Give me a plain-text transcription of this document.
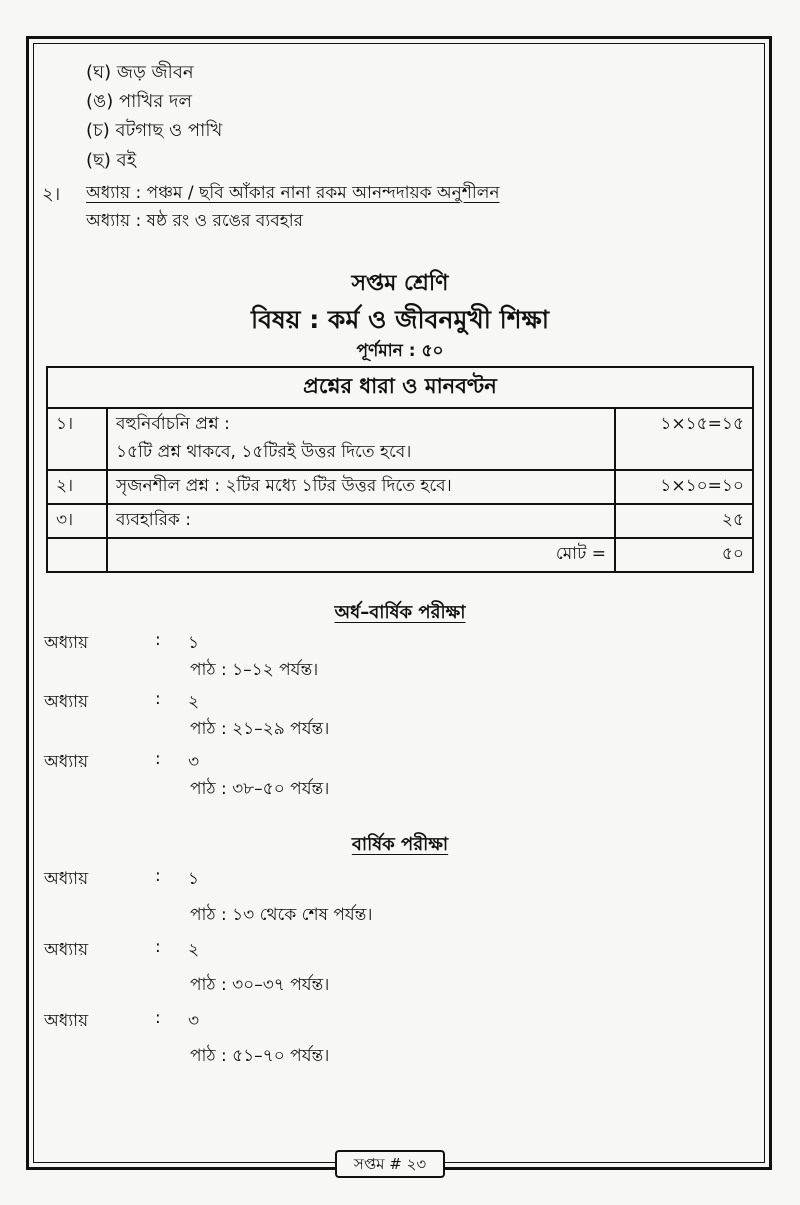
(ঘ) জড় জীবন
(ঙ) পাখির দল
(চ) বটগাছ ও পাখি
(ছ) বই
২। অধ্যায় : পঞ্চম / ছবি আঁকার নানা রকম আনন্দদায়ক অনুশীলন
অধ্যায় : ষষ্ঠ রং ও রঙের ব্যবহার
সপ্তম শ্রেণি
বিষয় : কর্ম ও জীবনমুখী শিক্ষা
পূর্ণমান : ৫০
প্রশ্নের ধারা ও মানবণ্টন		
১।	বহুনির্বাচনি প্রশ্ন :
১৫টি প্রশ্ন থাকবে, ১৫টিরই উত্তর দিতে হবে।	১×১৫=১৫
২।	সৃজনশীল প্রশ্ন : ২টির মধ্যে ১টির উত্তর দিতে হবে।	১×১০=১০
৩।	ব্যবহারিক :	২৫
	মোট =	৫০
অর্ধ–বার্ষিক পরীক্ষা
অধ্যায়	: ১
পাঠ : ১–১২ পর্যন্ত।
অধ্যায়	: ২
পাঠ : ২১–২৯ পর্যন্ত।
অধ্যায়	: ৩
পাঠ : ৩৮–৫০ পর্যন্ত।
বার্ষিক পরীক্ষা
অধ্যায়	: ১
পাঠ : ১৩ থেকে শেষ পর্যন্ত।
অধ্যায়	: ২
পাঠ : ৩০–৩৭ পর্যন্ত।
অধ্যায়	: ৩
পাঠ : ৫১–৭০ পর্যন্ত।
সপ্তম # ২৩
